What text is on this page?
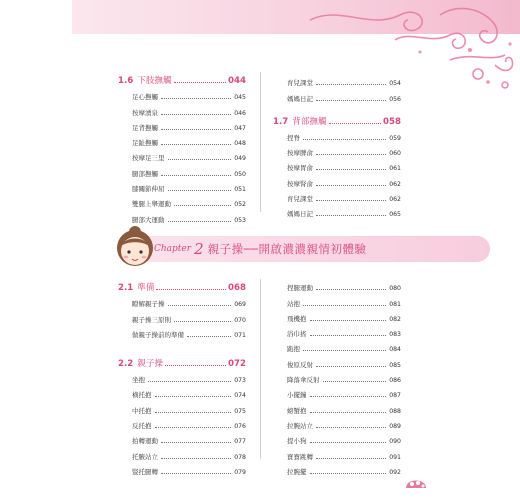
1.6 下肢撫觸	044
足心撫觸	045
按摩湧泉	046
足背撫觸	047
足趾撫觸	048
按摩足三里	049
腿部撫觸	050
膝關節伸屈	051
雙腿上舉運動	052
腿部大運動	053
育兒課堂	054
媽媽日記	056
1.7 背部撫觸	058
捏脊	059
按摩脾俞	060
按摩胃俞	061
按摩腎俞	062
育兒課堂	062
媽媽日記	065
Chapter 2 親子操──開啟濃濃親情初體驗
2.1 準備	068
瞭解親子操	069
親子操三原則	070
做親子操前的準備	071
2.2 親子操	072
坐抱	073
橫托抱	074
中托抱	075
反托抱	076
拍轉運動	077
托腋站立	078
豎托腿轉	079
捏腿運動	080
站抱	081
飛機抱	082
浴巾搖	083
跪抱	084
俊原反射	085
降落傘反射	086
小擺鐘	087
螃蟹抱	088
拉腕站立	089
提小狗	090
寶寶跳轉	091
拉腕擺	092
